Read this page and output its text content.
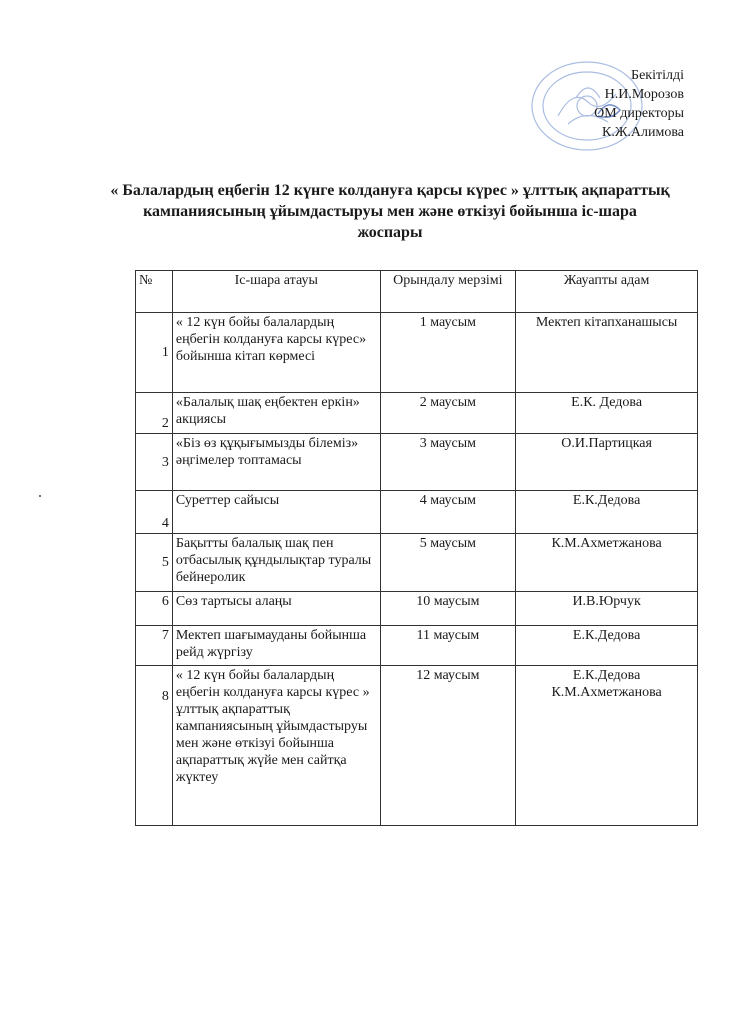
Бекітілді
Н.И.Морозов
ОМ директоры
К.Ж.Алимова
« Балалардың еңбегін 12 күнге колдануға қарсы күрес » ұлттық ақпараттық кампаниясының ұйымдастыруы мен және өткізуі бойынша іс-шара жоспары
№	Іс-шара атауы	Орындалу мерзімі	Жауапты адам
1	« 12 күн бойы балалардың еңбегін колдануға карсы күрес» бойынша кітап көрмесі	1 маусым	Мектеп кітапханашысы
2	«Балалық шақ еңбектен еркін» акциясы	2 маусым	Е.К. Дедова
3	«Біз өз құқығымызды білеміз» әңгімелер топтамасы	3 маусым	О.И.Партицкая
4	Суреттер сайысы	4 маусым	Е.К.Дедова
5	Бақытты балалық шақ пен отбасылық құндылықтар туралы бейнеролик	5 маусым	К.М.Ахметжанова
6	Сөз тартысы алаңы	10 маусым	И.В.Юрчук
7	Мектеп шағымауданы бойынша рейд жүргізу	11 маусым	Е.К.Дедова
8	« 12 күн бойы балалардың еңбегін колдануға карсы күрес » ұлттық ақпараттық кампаниясының ұйымдастыруы мен және өткізуі бойынша ақпараттық жүйе мен сайтқа жүктеу	12 маусым	Е.К.Дедова
К.М.Ахметжанова
